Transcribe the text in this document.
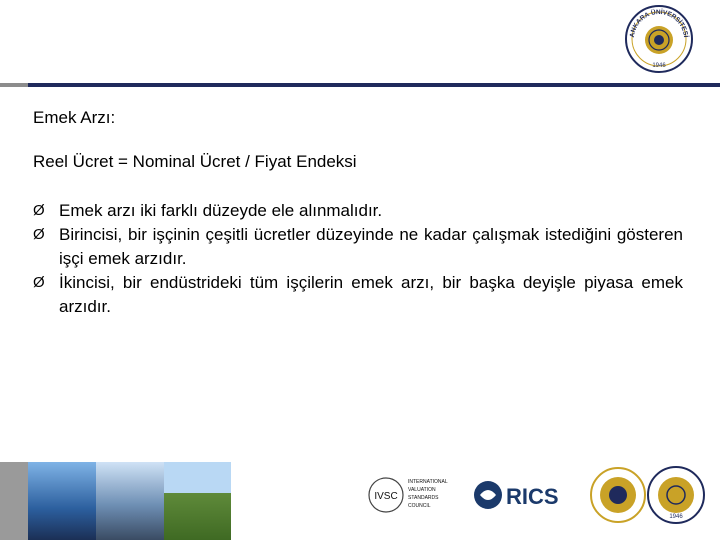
ANKARA ÜNİVERSİTESİ
1946

Emek Arzı:

Reel Ücret = Nominal Ücret / Fiyat Endeksi

Ø Emek arzı iki farklı düzeyde ele alınmalıdır.
Ø Birincisi, bir işçinin çeşitli ücretler düzeyinde ne kadar çalışmak istediğini gösteren işçi emek arzıdır.
Ø İkincisi, bir endüstrideki tüm işçilerin emek arzı, bir başka deyişle piyasa emek arzıdır.
IVSC
INTERNATIONAL
VALUATION
STANDARDS
COUNCIL	RICS
1946
